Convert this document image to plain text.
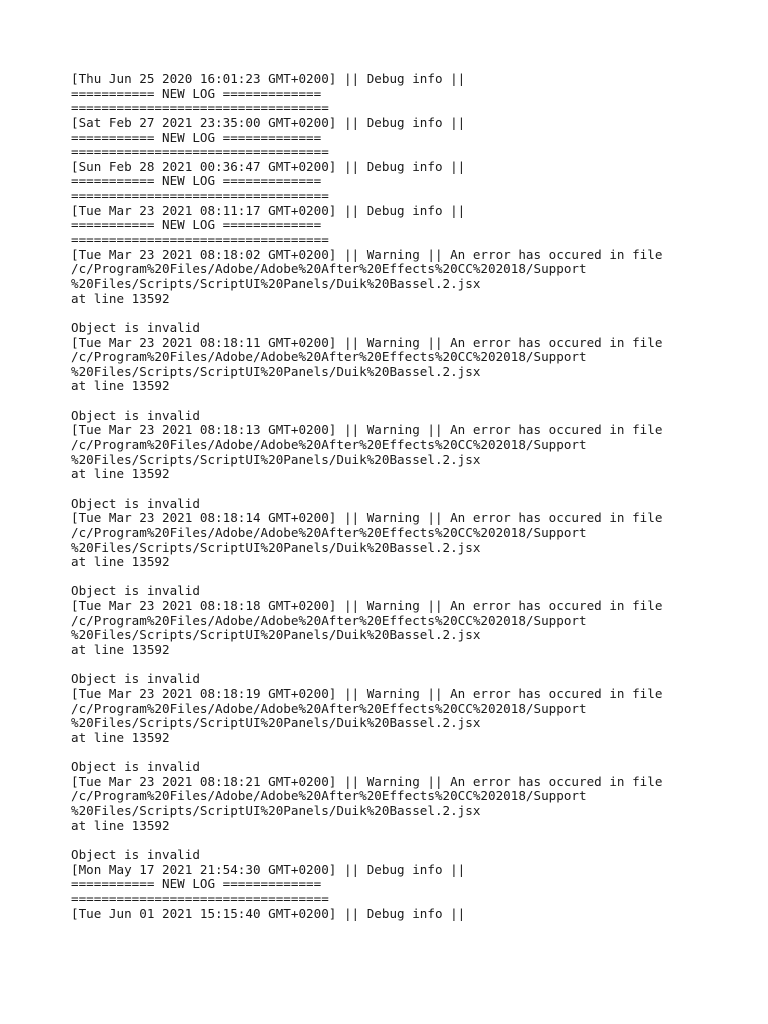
[Thu Jun 25 2020 16:01:23 GMT+0200] || Debug info ||
=========== NEW LOG =============
==================================
[Sat Feb 27 2021 23:35:00 GMT+0200] || Debug info ||
=========== NEW LOG =============
==================================
[Sun Feb 28 2021 00:36:47 GMT+0200] || Debug info ||
=========== NEW LOG =============
==================================
[Tue Mar 23 2021 08:11:17 GMT+0200] || Debug info ||
=========== NEW LOG =============
==================================
[Tue Mar 23 2021 08:18:02 GMT+0200] || Warning || An error has occured in file
/c/Program%20Files/Adobe/Adobe%20After%20Effects%20CC%202018/Support
%20Files/Scripts/ScriptUI%20Panels/Duik%20Bassel.2.jsx
at line 13592
Object is invalid
[Tue Mar 23 2021 08:18:11 GMT+0200] || Warning || An error has occured in file
/c/Program%20Files/Adobe/Adobe%20After%20Effects%20CC%202018/Support
%20Files/Scripts/ScriptUI%20Panels/Duik%20Bassel.2.jsx
at line 13592
Object is invalid
[Tue Mar 23 2021 08:18:13 GMT+0200] || Warning || An error has occured in file
/c/Program%20Files/Adobe/Adobe%20After%20Effects%20CC%202018/Support
%20Files/Scripts/ScriptUI%20Panels/Duik%20Bassel.2.jsx
at line 13592
Object is invalid
[Tue Mar 23 2021 08:18:14 GMT+0200] || Warning || An error has occured in file
/c/Program%20Files/Adobe/Adobe%20After%20Effects%20CC%202018/Support
%20Files/Scripts/ScriptUI%20Panels/Duik%20Bassel.2.jsx
at line 13592
Object is invalid
[Tue Mar 23 2021 08:18:18 GMT+0200] || Warning || An error has occured in file
/c/Program%20Files/Adobe/Adobe%20After%20Effects%20CC%202018/Support
%20Files/Scripts/ScriptUI%20Panels/Duik%20Bassel.2.jsx
at line 13592
Object is invalid
[Tue Mar 23 2021 08:18:19 GMT+0200] || Warning || An error has occured in file
/c/Program%20Files/Adobe/Adobe%20After%20Effects%20CC%202018/Support
%20Files/Scripts/ScriptUI%20Panels/Duik%20Bassel.2.jsx
at line 13592
Object is invalid
[Tue Mar 23 2021 08:18:21 GMT+0200] || Warning || An error has occured in file
/c/Program%20Files/Adobe/Adobe%20After%20Effects%20CC%202018/Support
%20Files/Scripts/ScriptUI%20Panels/Duik%20Bassel.2.jsx
at line 13592
Object is invalid
[Mon May 17 2021 21:54:30 GMT+0200] || Debug info ||
=========== NEW LOG =============
==================================
[Tue Jun 01 2021 15:15:40 GMT+0200] || Debug info ||
